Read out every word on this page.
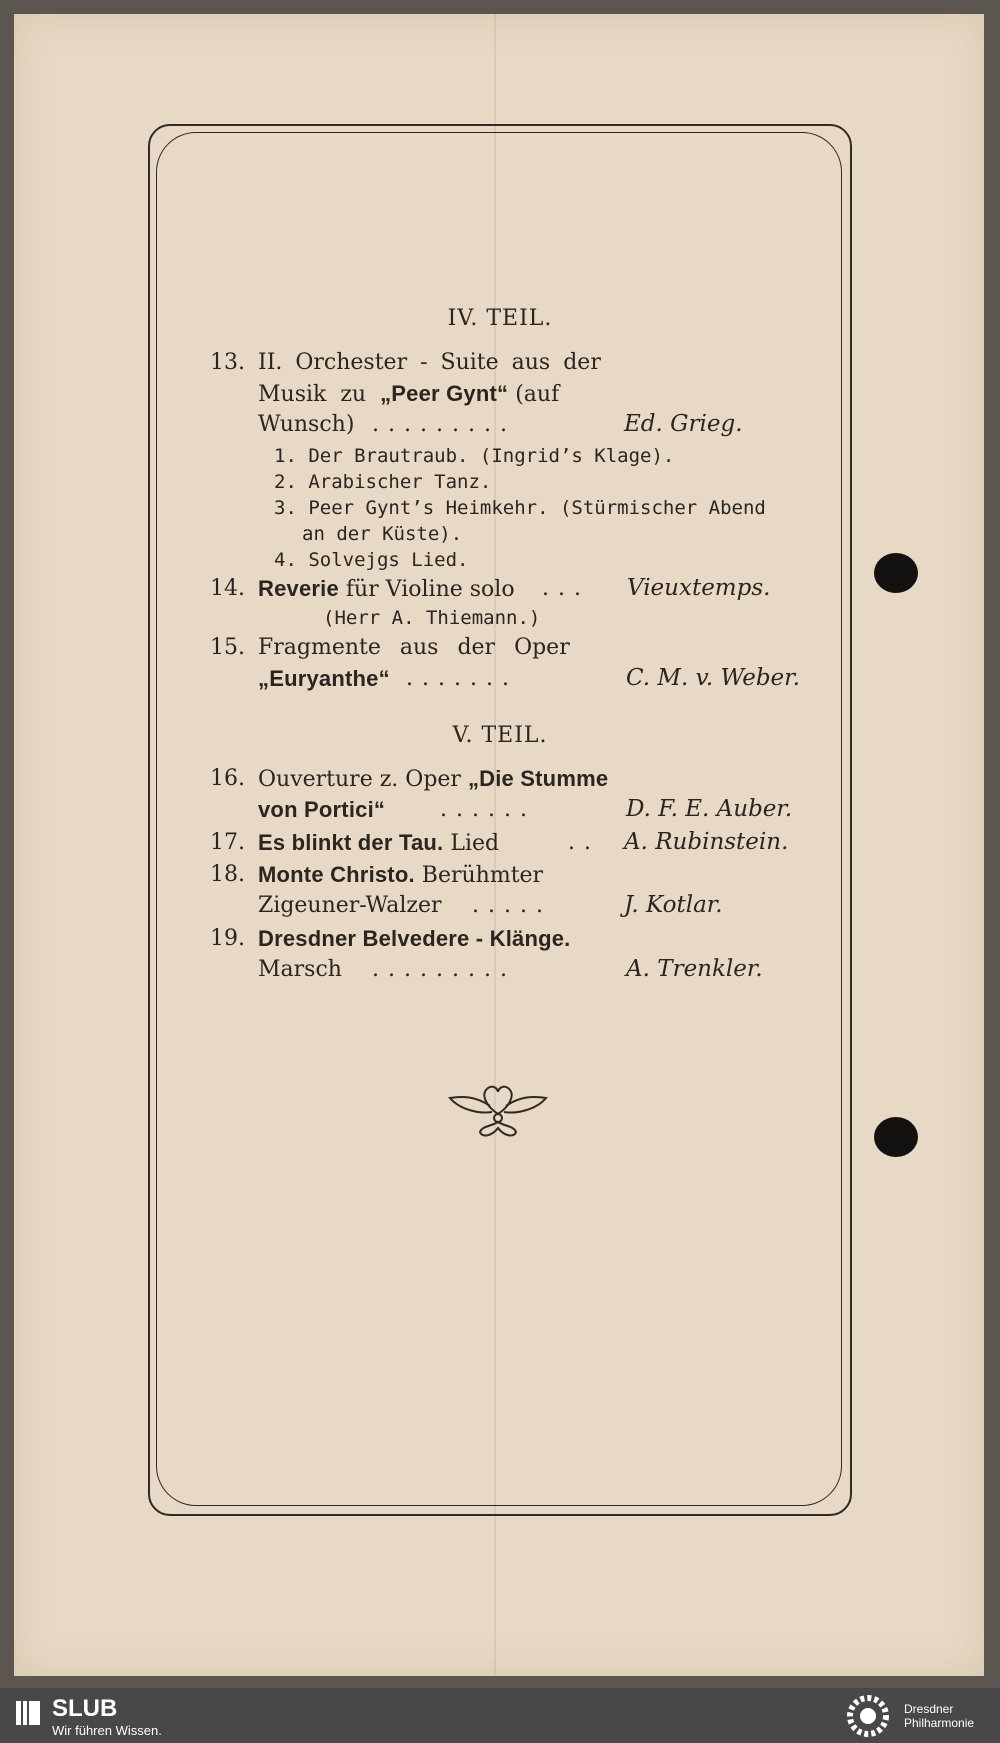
IV. TEIL.
13. II. Orchester - Suite aus der
Musik  zu  „Peer Gynt“ (auf
Wunsch) .........	Ed. Grieg.
1. Der Brautraub. (Ingrid’s Klage).
2. Arabischer Tanz.
3. Peer Gynt’s Heimkehr. (Stürmischer Abend
an der Küste).
4. Solvejgs Lied.
14. Reverie für Violine solo ... Vieuxtemps.
(Herr A. Thiemann.)
15. Fragmente aus der Oper
„Euryanthe“ .......	C. M. v. Weber.
V. TEIL.
16. Ouverture z. Oper „Die Stumme
von Portici“ ......	D. F. E. Auber.
17. Es blinkt der Tau. Lied	.. A. Rubinstein.
18. Monte Christo. Berühmter
Zigeuner-Walzer .....	J. Kotlar.
19. Dresdner Belvedere - Klänge.
Marsch .........	A. Trenkler.
SLUB
Wir führen Wissen.
Dresdner
Philharmonie
